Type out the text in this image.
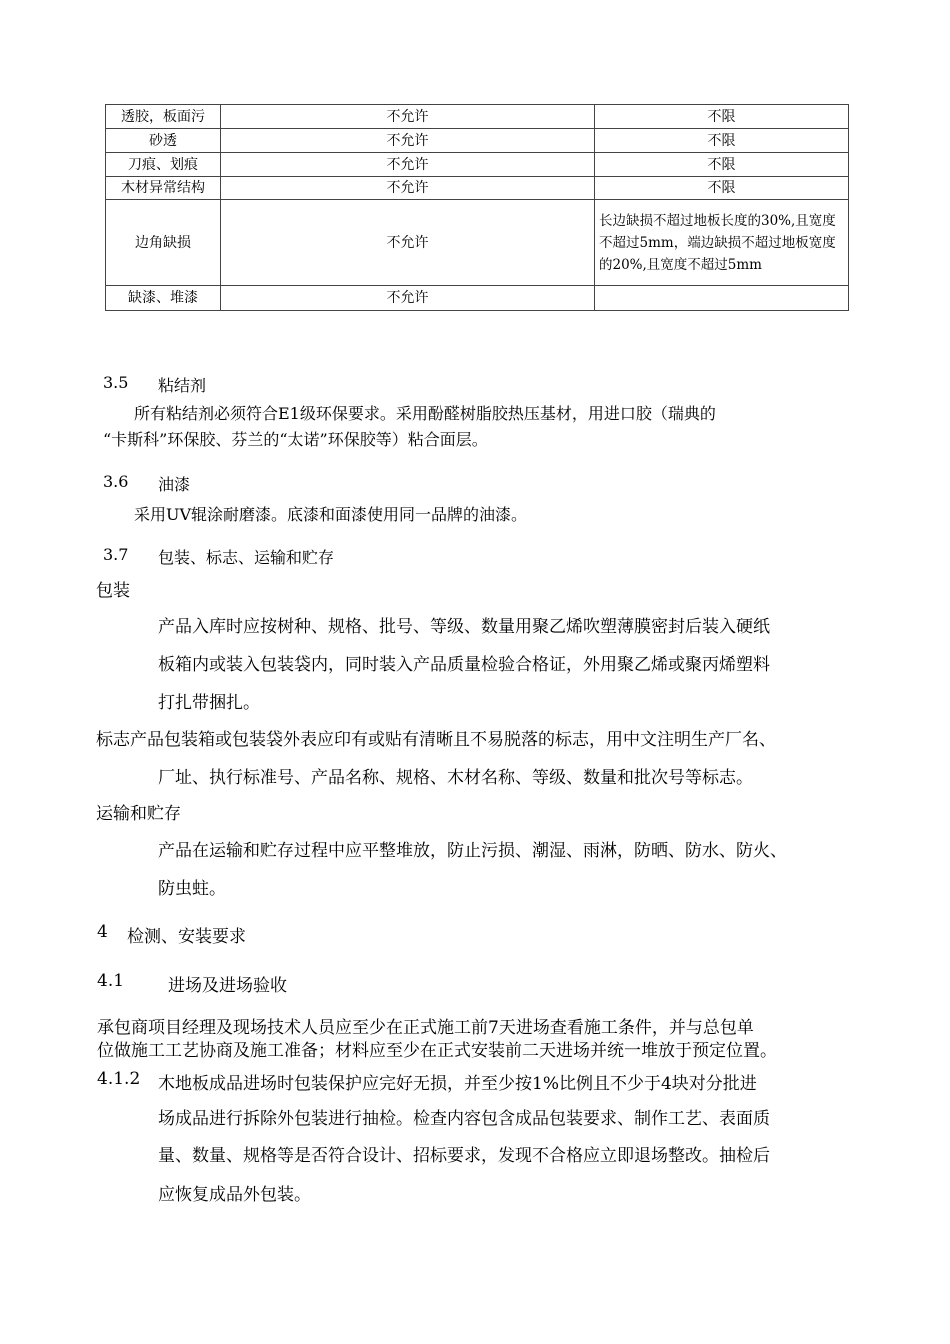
透胶，板面污	不允许	不限
砂透	不允许	不限
刀痕、划痕	不允许	不限
木材异常结构	不允许	不限
边角缺损	不允许	长边缺损不超过地板长度的30%,且宽度不超过5mm，端边缺损不超过地板宽度的20%,且宽度不超过5mm
缺漆、堆漆	不允许	
3.5 粘结剂
所有粘结剂必须符合E1级环保要求。采用酚醛树脂胶热压基材，用进口胶（瑞典的
“卡斯科”环保胶、芬兰的“太诺”环保胶等）粘合面层。
3.6 油漆
采用UV辊涂耐磨漆。底漆和面漆使用同一品牌的油漆。
3.7 包装、标志、运输和贮存
包装
产品入库时应按树种、规格、批号、等级、数量用聚乙烯吹塑薄膜密封后装入硬纸
板箱内或装入包装袋内，同时装入产品质量检验合格证，外用聚乙烯或聚丙烯塑料
打扎带捆扎。
标志产品包装箱或包装袋外表应印有或贴有清晰且不易脱落的标志，用中文注明生产厂名、
厂址、执行标准号、产品名称、规格、木材名称、等级、数量和批次号等标志。
运输和贮存
产品在运输和贮存过程中应平整堆放，防止污损、潮湿、雨淋，防晒、防水、防火、
防虫蛀。
4 检测、安装要求
4.1	进场及进场验收
承包商项目经理及现场技术人员应至少在正式施工前7天进场查看施工条件，并与总包单
位做施工工艺协商及施工准备；材料应至少在正式安装前二天进场并统一堆放于预定位置。
4.1.2 木地板成品进场时包装保护应完好无损，并至少按1%比例且不少于4块对分批进
场成品进行拆除外包装进行抽检。检查内容包含成品包装要求、制作工艺、表面质
量、数量、规格等是否符合设计、招标要求，发现不合格应立即退场整改。抽检后
应恢复成品外包装。
